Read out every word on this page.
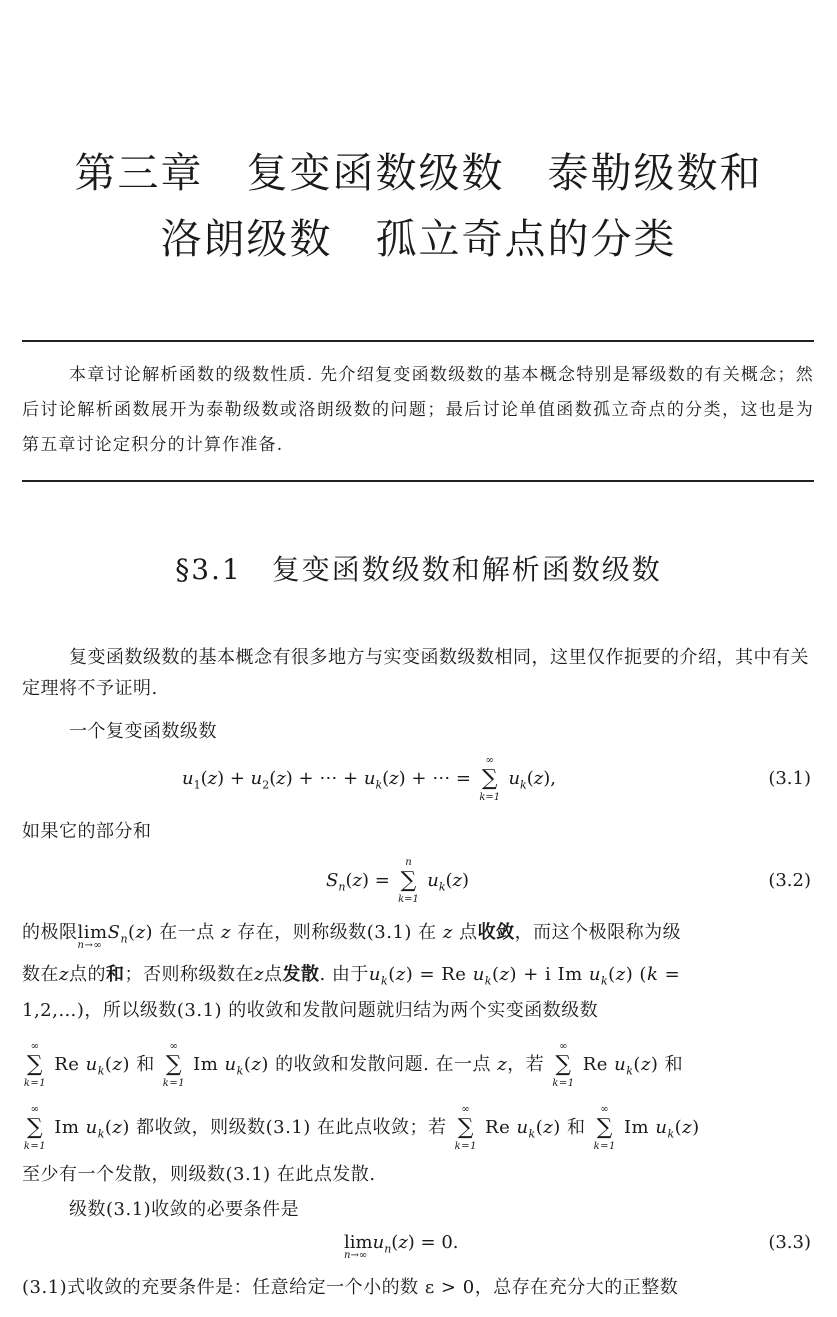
第三章　复变函数级数　泰勒级数和
洛朗级数　孤立奇点的分类

本章讨论解析函数的级数性质. 先介绍复变函数级数的基本概念特别是幂级数的有关概念；然后讨论解析函数展开为泰勒级数或洛朗级数的问题；最后讨论单值函数孤立奇点的分类，这也是为第五章讨论定积分的计算作准备.

§3.1　复变函数级数和解析函数级数
复变函数级数的基本概念有很多地方与实变函数级数相同，这里仅作扼要的介绍，其中有关定理将不予证明.
一个复变函数级数
$u_1(z) + u_2(z)$ + ⋯ + $u_k(z)$ + ⋯ =
∞
∑
k=1
$u_k(z)$,	(3.1)
如果它的部分和
$S_n(z)$ =
n
∑
k=1
$u_k(z)$	(3.2)
的极限lim
n→∞
$S_n(z)$ 在一点 z 存在，则称级数(3.1) 在 z 点收敛，而这个极限称为级
数在z点的和；否则称级数在z点发散. 由于$u_k(z) = Re$ $u_k(z) + i$ Im $u_k(z) (k$ =
1,2,…)，所以级数(3.1) 的收敛和发散问题就归结为两个实变函数级数
∞
∑
k=1
Re $u_k(z)$ 和
∞
∑
k=1
Im $u_k(z)$ 的收敛和发散问题. 在一点 z，若
∞
∑
k=1
Re $u_k(z)$ 和
∞
∑
k=1
Im $u_k(z)$ 都收敛，则级数(3.1) 在此点收敛；若
∞
∑
k=1
Re $u_k(z)$ 和
∞
∑
k=1
Im $u_k(z)$
至少有一个发散，则级数(3.1) 在此点发散.
级数(3.1)收敛的必要条件是
lim
n→∞
$u_n(z) = 0$.	(3.3)
(3.1)式收敛的充要条件是：任意给定一个小的数 ε > 0，总存在充分大的正整数
